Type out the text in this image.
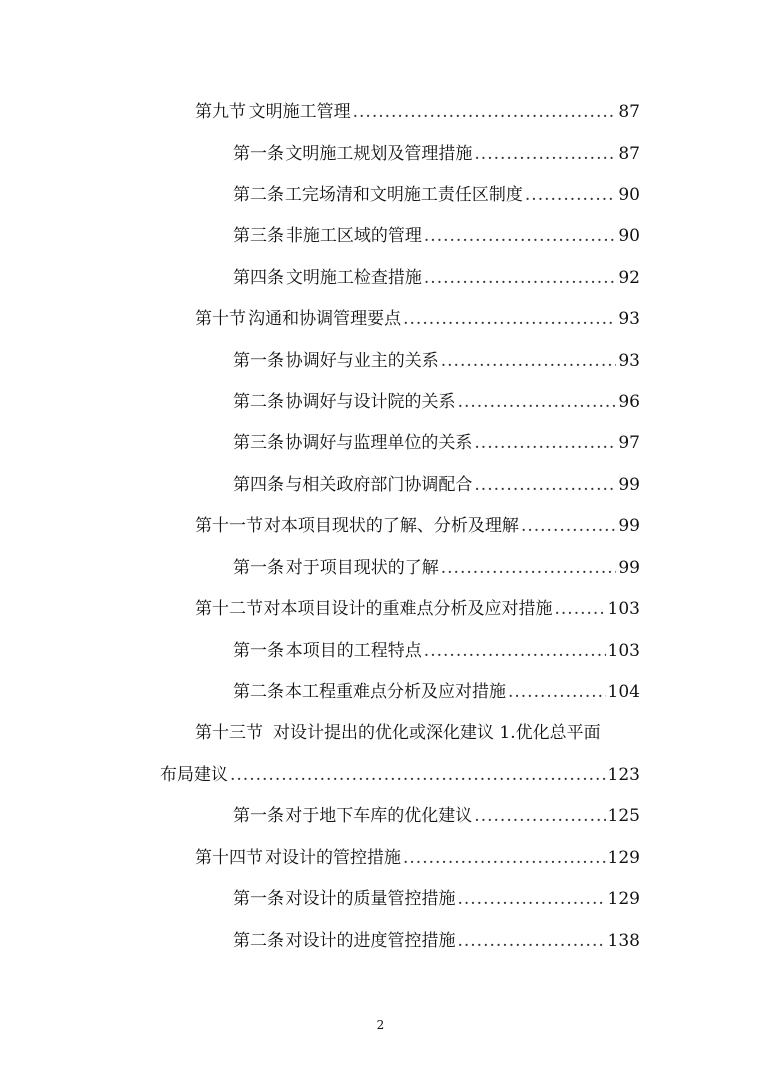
第九节 文明施工管理 .....	87
第一条 文明施工规划及管理措施 .....	87
第二条 工完场清和文明施工责任区制度 .....	90
第三条 非施工区域的管理 .....	90
第四条 文明施工检查措施 .....	92
第十节 沟通和协调管理要点 .....	93
第一条 协调好与业主的关系 .....	93
第二条 协调好与设计院的关系 .....	96
第三条 协调好与监理单位的关系 .....	97
第四条 与相关政府部门协调配合 .....	99
第十一节 对本项目现状的了解、分析及理解 .....	99
第一条 对于项目现状的了解 .....	99
第十二节 对本项目设计的重难点分析及应对措施 .....	103
第一条 本项目的工程特点 .....	103
第二条 本工程重难点分析及应对措施 .....	104
第十三节 对设计提出的优化或深化建议 1.优化总平面
布局建议 .....	123
第一条 对于地下车库的优化建议 .....	125
第十四节 对设计的管控措施 .....	129
第一条 对设计的质量管控措施 .....	129
第二条 对设计的进度管控措施 .....	138
2
